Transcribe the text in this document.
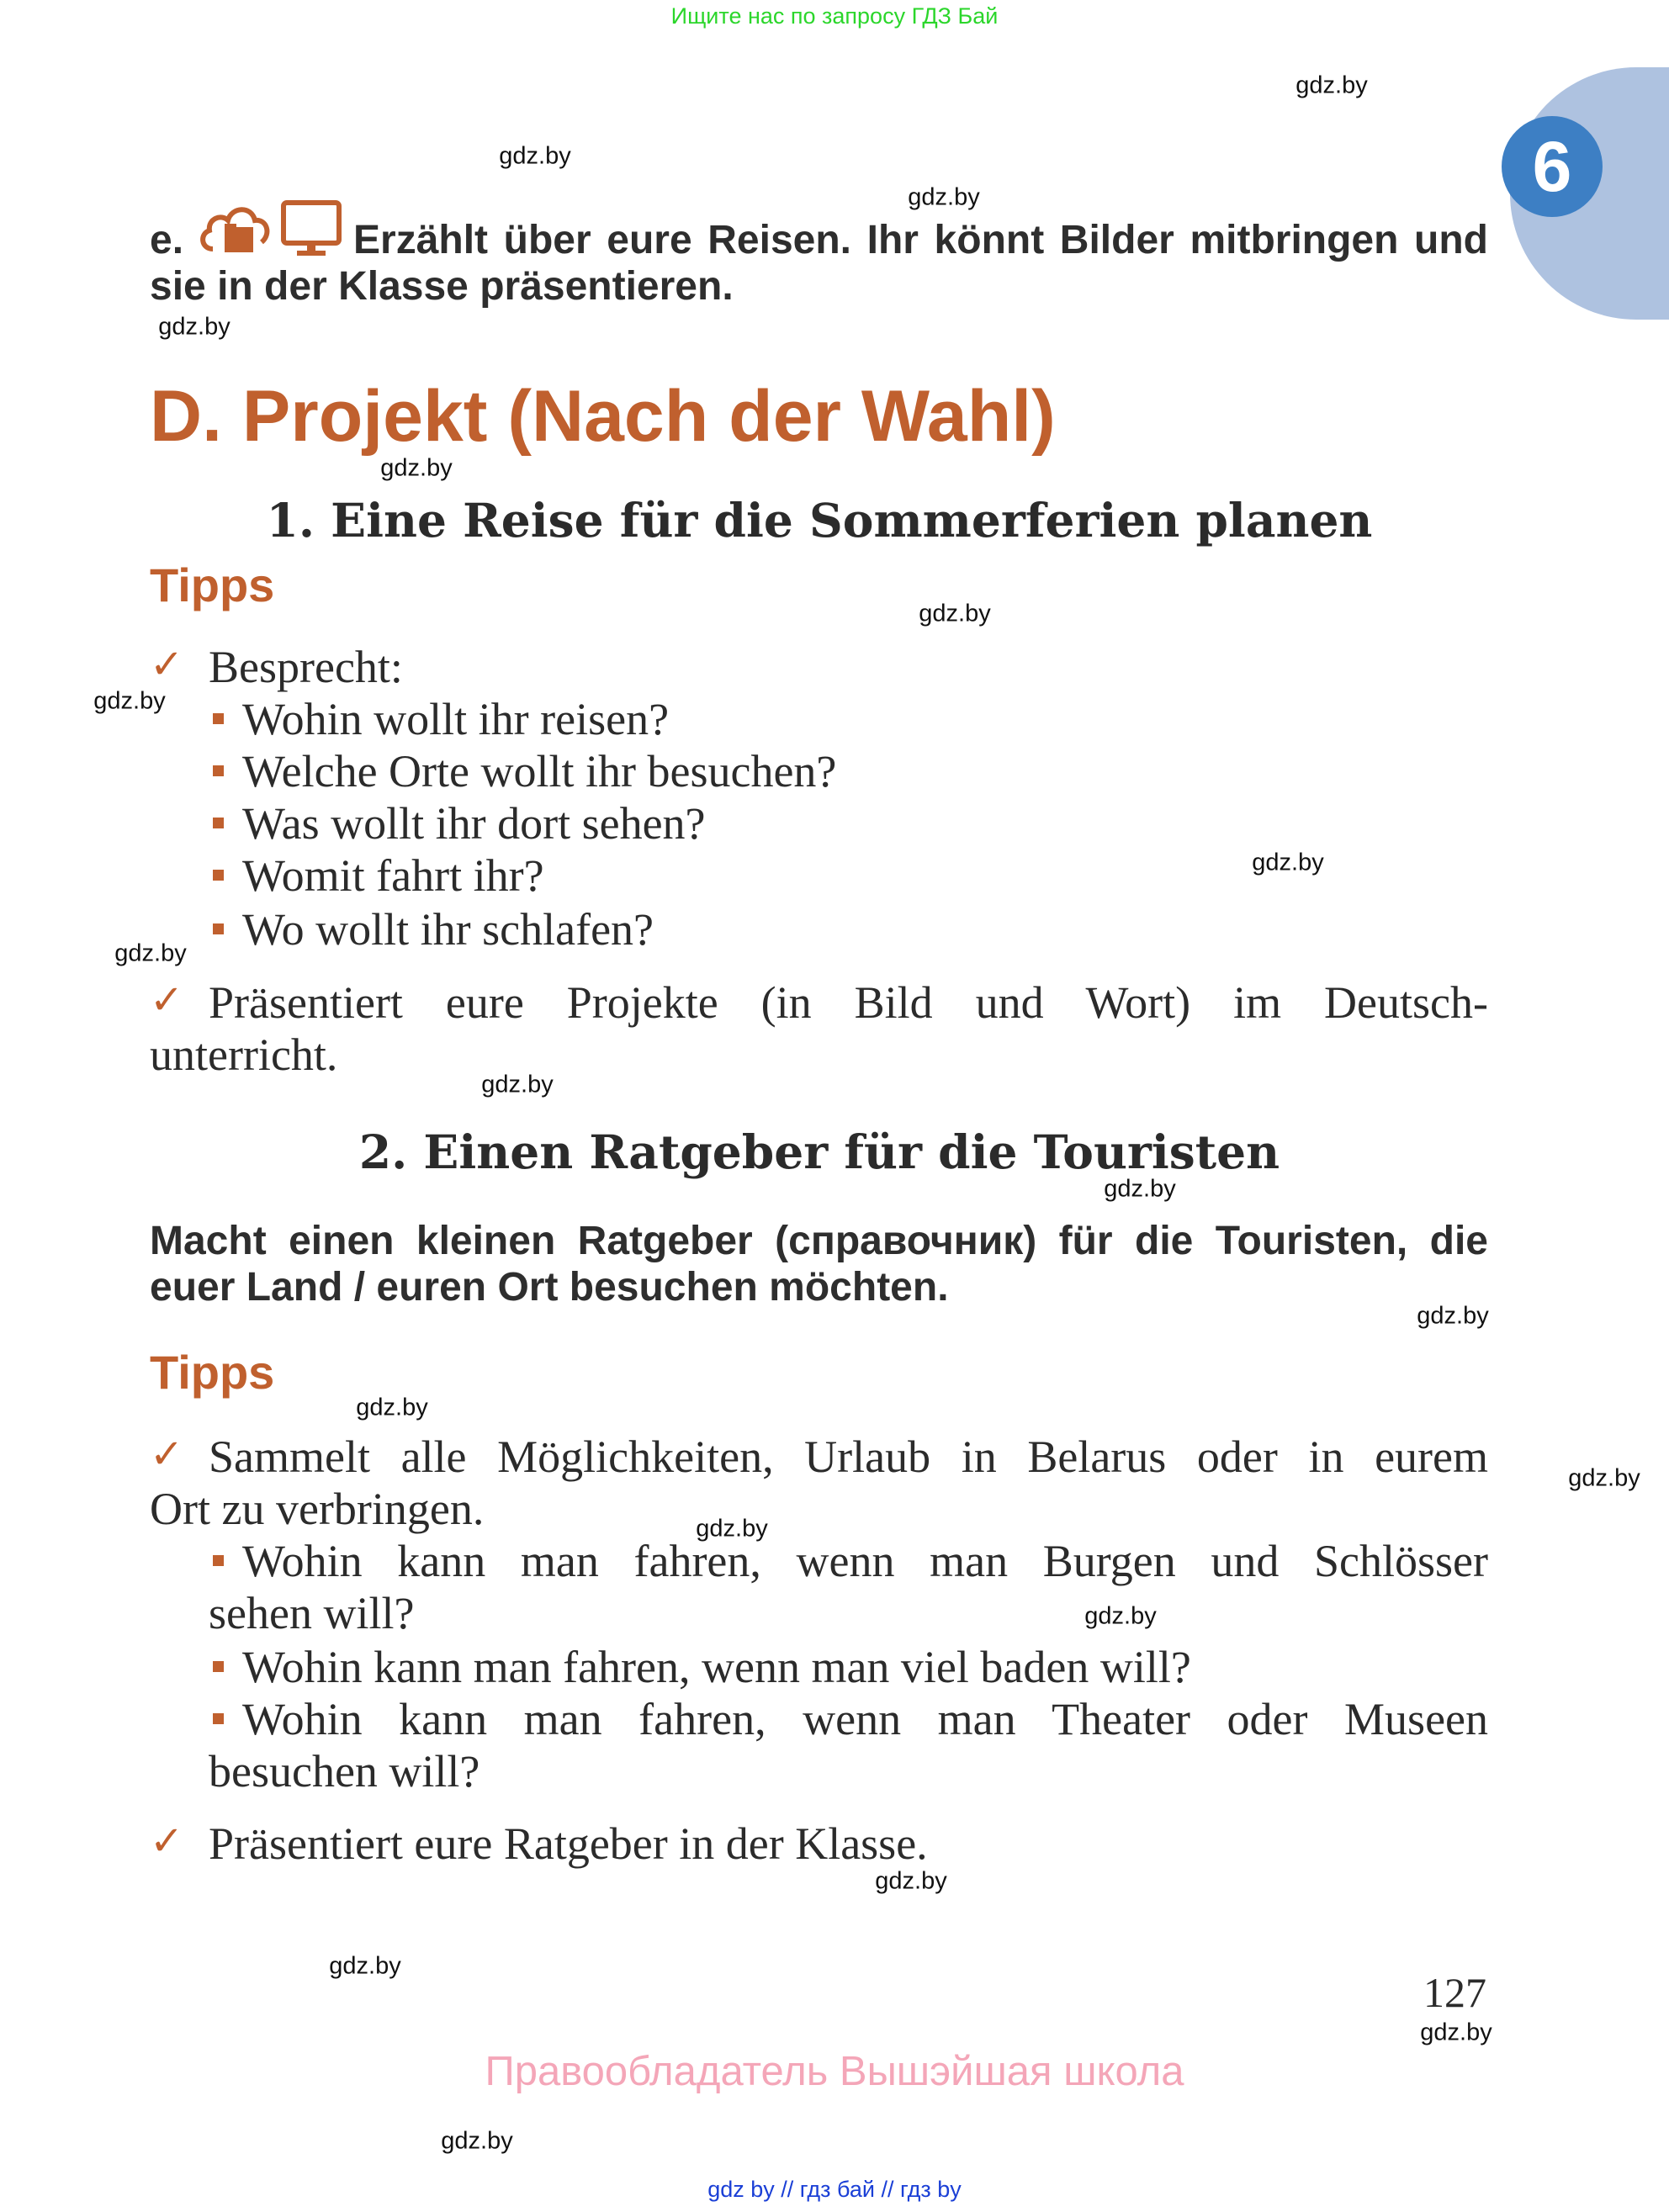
Ищите нас по запросу ГДЗ Бай
6
e.	Erzählt über eure Reisen. Ihr könnt Bilder mitbringen und
sie in der Klasse präsentieren.
D. Projekt (Nach der Wahl)
1. Eine Reise für die Sommerferien planen
Tipps
✓ Besprecht:
Wohin wollt ihr reisen?
Welche Orte wollt ihr besuchen?
Was wollt ihr dort sehen?
Womit fahrt ihr?
Wo wollt ihr schlafen?
✓ Präsentiert eure Projekte (in Bild und Wort) im Deutsch-
unterricht.
2. Einen Ratgeber für die Touristen
Macht einen kleinen Ratgeber (справочник) für die Touristen, die
euer Land / euren Ort besuchen möchten.
Tipps
✓ Sammelt alle Möglichkeiten, Urlaub in Belarus oder in eurem
Ort zu verbringen.
Wohin kann man fahren, wenn man Burgen und Schlösser
sehen will?
Wohin kann man fahren, wenn man viel baden will?
Wohin kann man fahren, wenn man Theater oder Museen
besuchen will?
✓ Präsentiert eure Ratgeber in der Klasse.
127
Правообладатель Вышэйшая школа
gdz by // гдз бай // гдз by
gdz.by
gdz.by
gdz.by
gdz.by
gdz.by
gdz.by
gdz.by
gdz.by
gdz.by
gdz.by
gdz.by
gdz.by
gdz.by
gdz.by
gdz.by
gdz.by
gdz.by
gdz.by
gdz.by
gdz.by
